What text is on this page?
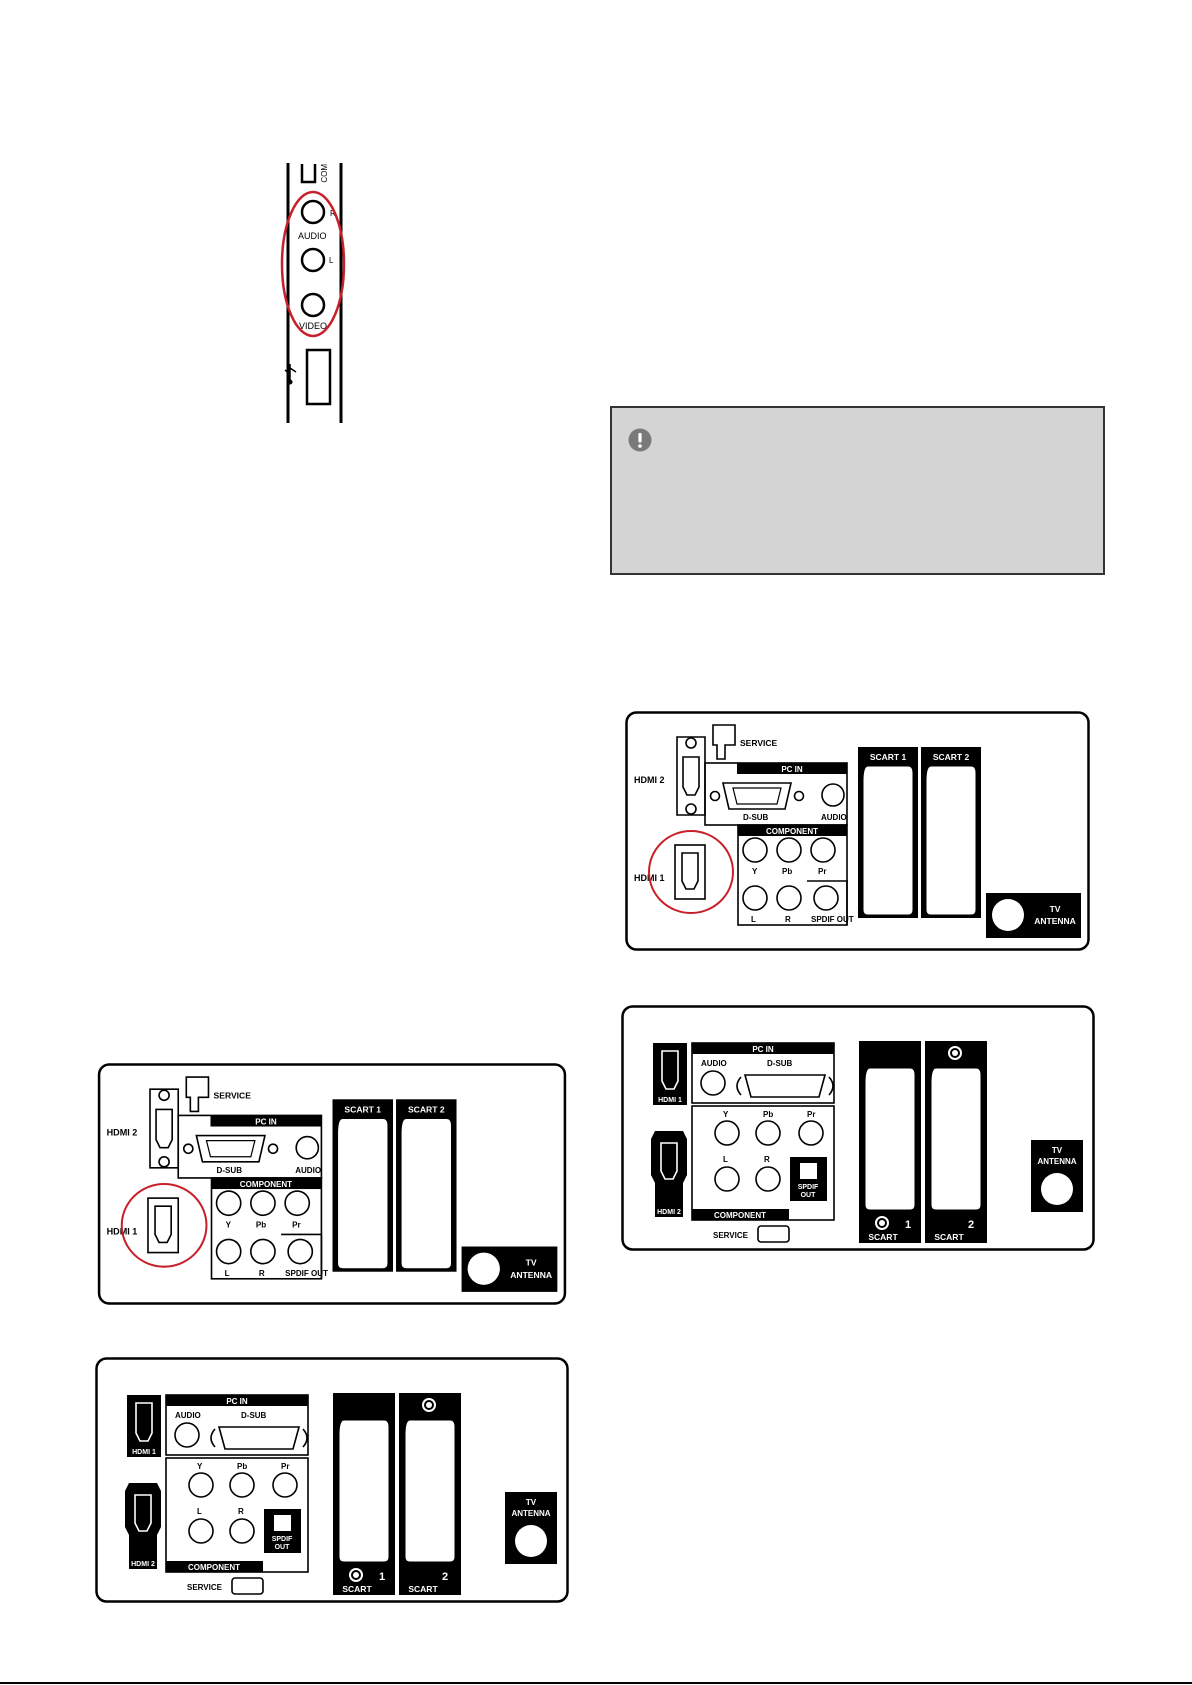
COM
R
AUDIO
L
VIDEO
HDMI 2
SERVICE
PC IN
D-SUB	AUDIO
COMPONENT
Y	Pb	Pr
L	R	SPDIF OUT
HDMI 1
SCART 1	SCART 2
TV
ANTENNA
HDMI 1
HDMI 2
PC IN
AUDIO	D-SUB
Y	Pb	Pr
L	R
SPDIF
OUT
COMPONENT
SERVICE
1
SCART
2
SCART
TV
ANTENNA
HDMI 2
SERVICE
PC IN
D-SUB	AUDIO
COMPONENT
Y	Pb	Pr
L	R	SPDIF OUT
HDMI 1
SCART 1	SCART 2
TV
ANTENNA
HDMI 1
HDMI 2
PC IN
AUDIO	D-SUB
Y	Pb	Pr
L	R
SPDIF
OUT
COMPONENT
SERVICE
1
SCART
2
SCART
TV
ANTENNA
